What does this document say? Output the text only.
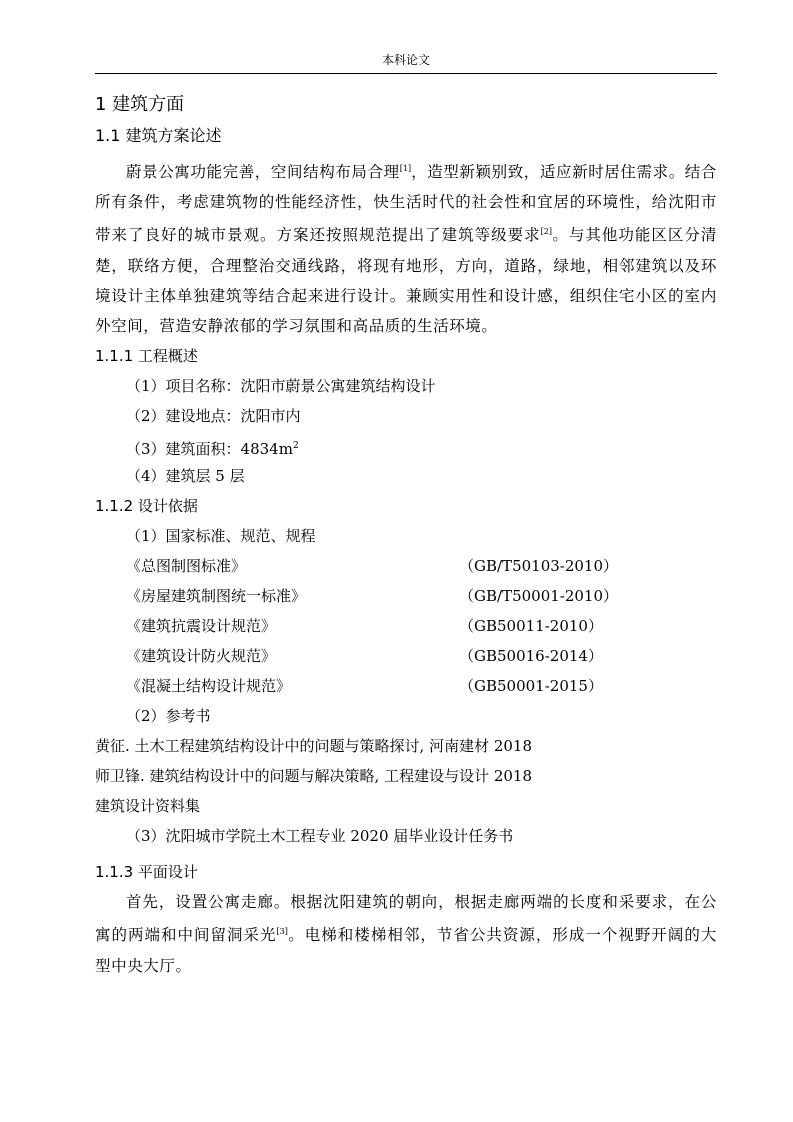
本科论文
1 建筑方面
1.1 建筑方案论述

蔚景公寓功能完善，空间结构布局合理[1]，造型新颖别致，适应新时居住需求。结合所有条件，考虑建筑物的性能经济性，快生活时代的社会性和宜居的环境性，给沈阳市带来了良好的城市景观。方案还按照规范提出了建筑等级要求[2]。与其他功能区区分清楚，联络方便，合理整治交通线路，将现有地形，方向，道路，绿地，相邻建筑以及环境设计主体单独建筑等结合起来进行设计。兼顾实用性和设计感，组织住宅小区的室内外空间，营造安静浓郁的学习氛围和高品质的生活环境。

1.1.1 工程概述
（1）项目名称：沈阳市蔚景公寓建筑结构设计
（2）建设地点：沈阳市内
（3）建筑面积：$4834m^2$
（4）建筑层 5 层
1.1.2 设计依据
（1）国家标准、规范、规程
《总图制图标准》	（GB/T50103-2010）
《房屋建筑制图统一标准》	（GB/T50001-2010）
《建筑抗震设计规范》	（GB50011-2010）
《建筑设计防火规范》	（GB50016-2014）
《混凝土结构设计规范》	（GB50001-2015）
（2）参考书
黄征. 土木工程建筑结构设计中的问题与策略探讨, 河南建材 2018
师卫锋. 建筑结构设计中的问题与解决策略, 工程建设与设计 2018
建筑设计资料集
（3）沈阳城市学院土木工程专业 2020 届毕业设计任务书
1.1.3 平面设计

首先，设置公寓走廊。根据沈阳建筑的朝向，根据走廊两端的长度和采要求，在公寓的两端和中间留洞采光[3]。电梯和楼梯相邻，节省公共资源，形成一个视野开阔的大型中央大厅。
